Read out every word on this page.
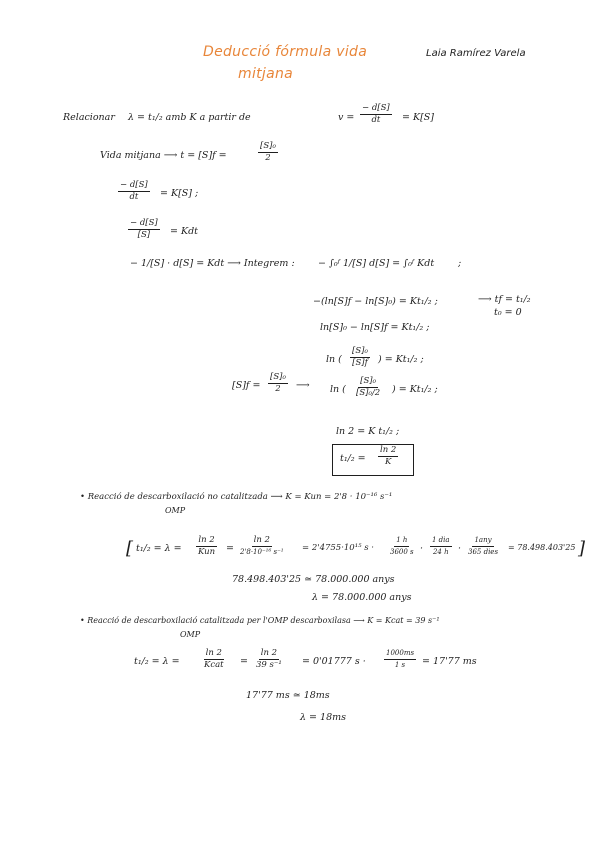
Deducció fórmula vida
mitjana
Laia Ramírez Varela
Relacionar λ = t₁/₂ amb K a partir de	$v = \frac{- d[S]}{dt} = K[S]$
Vida mitjana ⟶ t = [S]f =	$\frac{\text{[S]₀}}{2}$
$\frac{- d[S]}{dt} = K[S]$ ;
$\frac{- d[S]}{[S]}$ = Kdt
− 1/[S] · d[S] = Kdt ⟶ Integrem : − ∫₀ᶠ 1/[S] d[S] = ∫₀ᶠ Kdt	;
−(ln[S]f − ln[S]₀) = Kt₁/₂ ;	⟶ tf = t₁/₂
t₀ = 0
ln[S]₀ − ln[S]f = Kt₁/₂ ;
ln ( $\frac{\text{[S]₀}}{[S]f}$ ) = Kt₁/₂ ;
$[S]f = \frac{\text{[S]₀}}{2}$ ⟶ ln ( $\frac{\text{[S]₀}}{\text{[S]₀/2}}$ ) = Kt₁/₂ ;
ln 2 = K t₁/₂ ;
$t_1/_2 = \frac{\ln 2}{K}$
• Reacció de descarboxilació no catalitzada ⟶ K = Kun = 2'8 · 10⁻¹⁶ s⁻¹
OMP
[ t₁/₂ = λ =
ln 2
Kun =
ln 2
2'8·10⁻¹⁶ s⁻¹ = 2'4755·10¹⁵ $s \cdot \frac{1 h}{3600 s}$ ·
1 dia
24 h ·
1any
365 dies = 78.498.403'25 ]
78.498.403'25 ≃ 78.000.000 anys
λ = 78.000.000 anys
• Reacció de descarboxilació catalitzada per l'OMP descarboxilasa ⟶ K = Kcat = 39 s⁻¹
OMP
t₁/₂ = λ =
ln 2
Kcat = $\frac{\ln 2}{\text{39 s⁻¹}} = 0'01777$ s ·	$\frac{1000ms}{1 s} = 17'77$ ms
17'77 ms ≃ 18ms
λ = 18ms
